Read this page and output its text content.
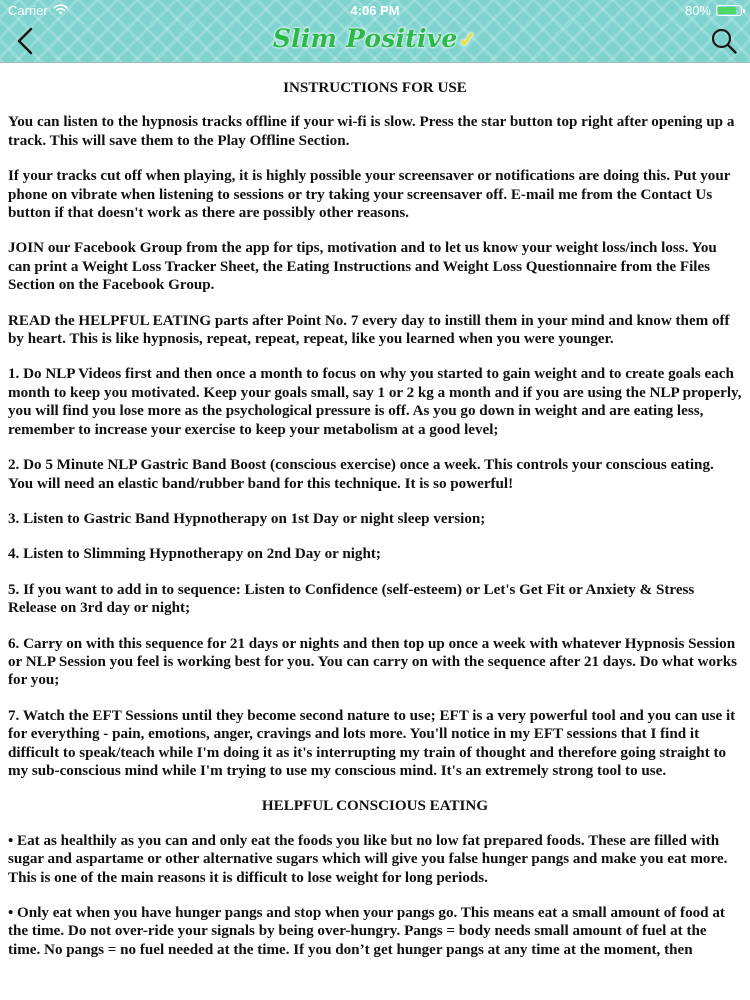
Carrier	4:06 PM	80%
Slim Positive✓
INSTRUCTIONS FOR USE
You can listen to the hypnosis tracks offline if your wi-fi is slow. Press the star button top right after opening up a track. This will save them to the Play Offline Section.
If your tracks cut off when playing, it is highly possible your screensaver or notifications are doing this. Put your phone on vibrate when listening to sessions or try taking your screensaver off. E-mail me from the Contact Us button if that doesn't work as there are possibly other reasons.
JOIN our Facebook Group from the app for tips, motivation and to let us know your weight loss/inch loss. You can print a Weight Loss Tracker Sheet, the Eating Instructions and Weight Loss Questionnaire from the Files Section on the Facebook Group.
READ the HELPFUL EATING parts after Point No. 7 every day to instill them in your mind and know them off by heart. This is like hypnosis, repeat, repeat, repeat, like you learned when you were younger.
1. Do NLP Videos first and then once a month to focus on why you started to gain weight and to create goals each month to keep you motivated. Keep your goals small, say 1 or 2 kg a month and if you are using the NLP properly, you will find you lose more as the psychological pressure is off. As you go down in weight and are eating less, remember to increase your exercise to keep your metabolism at a good level;
2. Do 5 Minute NLP Gastric Band Boost (conscious exercise) once a week. This controls your conscious eating. You will need an elastic band/rubber band for this technique. It is so powerful!
3. Listen to Gastric Band Hypnotherapy on 1st Day or night sleep version;
4. Listen to Slimming Hypnotherapy on 2nd Day or night;
5. If you want to add in to sequence: Listen to Confidence (self-esteem) or Let's Get Fit or Anxiety & Stress Release on 3rd day or night;
6. Carry on with this sequence for 21 days or nights and then top up once a week with whatever Hypnosis Session or NLP Session you feel is working best for you. You can carry on with the sequence after 21 days. Do what works for you;
7. Watch the EFT Sessions until they become second nature to use; EFT is a very powerful tool and you can use it for everything - pain, emotions, anger, cravings and lots more. You'll notice in my EFT sessions that I find it difficult to speak/teach while I'm doing it as it's interrupting my train of thought and therefore going straight to my sub-conscious mind while I'm trying to use my conscious mind. It's an extremely strong tool to use.
HELPFUL CONSCIOUS EATING
• Eat as healthily as you can and only eat the foods you like but no low fat prepared foods. These are filled with sugar and aspartame or other alternative sugars which will give you false hunger pangs and make you eat more. This is one of the main reasons it is difficult to lose weight for long periods.
• Only eat when you have hunger pangs and stop when your pangs go. This means eat a small amount of food at the time. Do not over-ride your signals by being over-hungry. Pangs = body needs small amount of fuel at the time. No pangs = no fuel needed at the time. If you don’t get hunger pangs at any time at the moment, then
